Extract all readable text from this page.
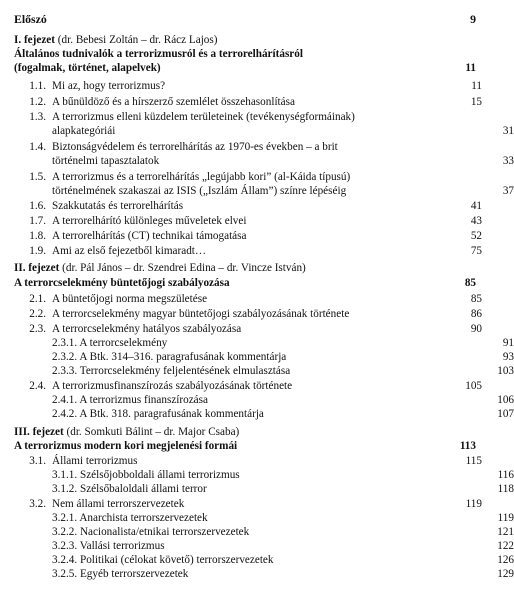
Előszó	9
I. fejezet (dr. Bebesi Zoltán – dr. Rácz Lajos)
Általános tudnivalók a terrorizmusról és a terrorelhárításról
(fogalmak, történet, alapelvek)	11
1.1. Mi az, hogy terrorizmus?	11
1.2. A bűnüldöző és a hírszerző szemlélet összehasonlítása	15
1.3. A terrorizmus elleni küzdelem területeinek (tevékenységformáinak)
alapkategóriái	31
1.4. Biztonságvédelem és terrorelhárítás az 1970-es években – a brit
történelmi tapasztalatok	33
1.5. A terrorizmus és a terrorelhárítás „legújabb kori” (al-Káida típusú)
történelmének szakaszai az ISIS („Iszlám Állam”) színre lépéséig	37
1.6. Szakkutatás és terrorelhárítás	41
1.7. A terrorelhárító különleges műveletek elvei	43
1.8. A terrorelhárítás (CT) technikai támogatása	52
1.9. Ami az első fejezetből kimaradt…	75
II. fejezet (dr. Pál János – dr. Szendrei Edina – dr. Vincze István)
A terrorcselekmény büntetőjogi szabályozása	85
2.1. A büntetőjogi norma megszületése	85
2.2. A terrorcselekmény magyar büntetőjogi szabályozásának története	86
2.3. A terrorcselekmény hatályos szabályozása	90
2.3.1. A terrorcselekmény	91
2.3.2. A Btk. 314–316. paragrafusának kommentárja	93
2.3.3. Terrorcselekmény feljelentésének elmulasztása	103
2.4. A terrorizmusfinanszírozás szabályozásának története	105
2.4.1. A terrorizmus finanszírozása	106
2.4.2. A Btk. 318. paragrafusának kommentárja	107
III. fejezet (dr. Somkuti Bálint – dr. Major Csaba)
A terrorizmus modern kori megjelenési formái	113
3.1. Állami terrorizmus	115
3.1.1. Szélsőjobboldali állami terrorizmus	116
3.1.2. Szélsőbaloldali állami terror	118
3.2. Nem állami terrorszervezetek	119
3.2.1. Anarchista terrorszervezetek	119
3.2.2. Nacionalista/etnikai terrorszervezetek	121
3.2.3. Vallási terrorizmus	122
3.2.4. Politikai (célokat követő) terrorszervezetek	126
3.2.5. Egyéb terrorszervezetek	129
